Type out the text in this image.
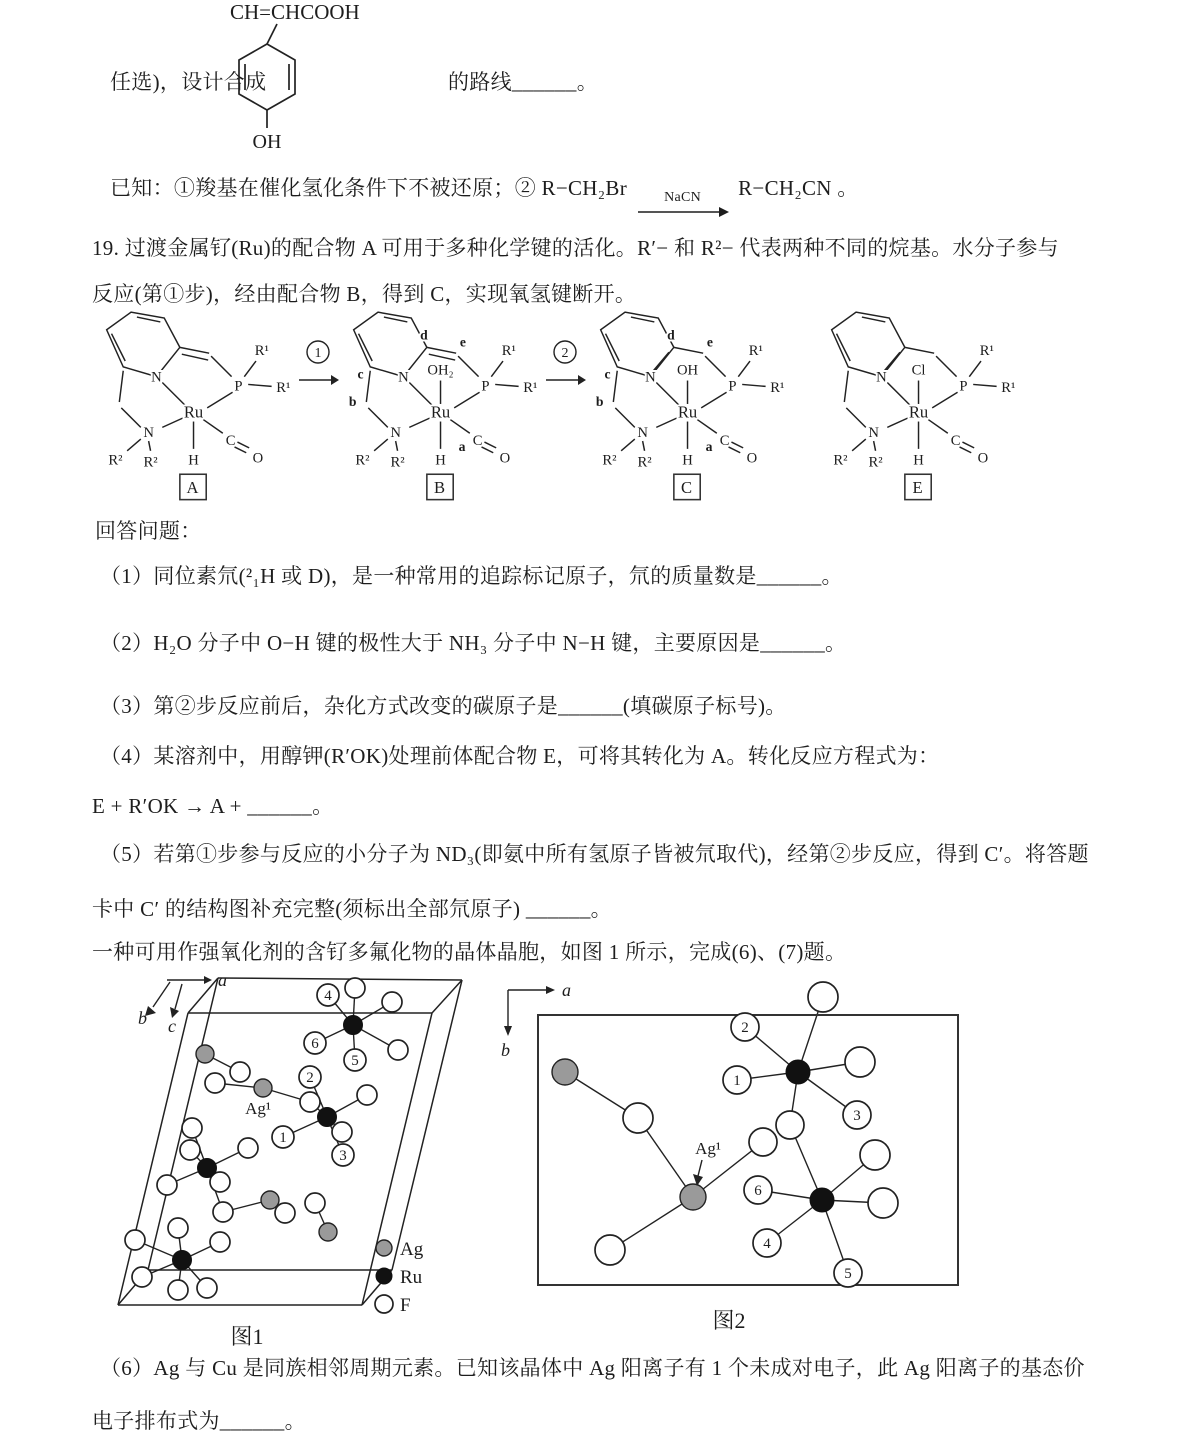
任选)，设计合成
CH=CHCOOH
OH
的路线______。
已知：①羧基在催化氢化条件下不被还原；② R−CH₂Br	NaCN R−CH₂CN 。
19. 过渡金属钌(Ru)的配合物 A 可用于多种化学键的活化。R′− 和 R²− 代表两种不同的烷基。水分子参与
反应(第①步)，经由配合物 B，得到 C，实现氧氢键断开。
N
Ru
P
R¹
R¹
N
R² R² H
C
O
A
1
N
Ru
P
R¹
R¹
N
R² R² H
C
O
OH₂
a
b
c
d e
B
2
N
Ru
P
R¹
R¹
N
R² R² H
C
O
OH
a
b
c
d e
C
N
Ru
P
R¹
R¹
N
R² R² H
C
O
Cl
E
回答问题：
（1）同位素氘(²₁H 或 D)，是一种常用的追踪标记原子，氘的质量数是______。
（2）H₂O 分子中 O−H 键的极性大于 NH₃ 分子中 N−H 键，主要原因是______。
（3）第②步反应前后，杂化方式改变的碳原子是______(填碳原子标号)。
（4）某溶剂中，用醇钾(R′OK)处理前体配合物 E，可将其转化为 A。转化反应方程式为：
E + R′OK → A + ______。
（5）若第①步参与反应的小分子为 ND₃(即氨中所有氢原子皆被氘取代)，经第②步反应，得到 C′。将答题
卡中 C′ 的结构图补充完整(须标出全部氘原子) ______。
一种可用作强氧化剂的含钌多氟化物的晶体晶胞，如图 1 所示，完成(6)、(7)题。
a
b c
4
6
5
2
1
3
Ag¹
Ag
Ru
F
图1
a
b
2
1
3
6
4
5
Ag¹
图2
（6）Ag 与 Cu 是同族相邻周期元素。已知该晶体中 Ag 阳离子有 1 个未成对电子，此 Ag 阳离子的基态价
电子排布式为______。
